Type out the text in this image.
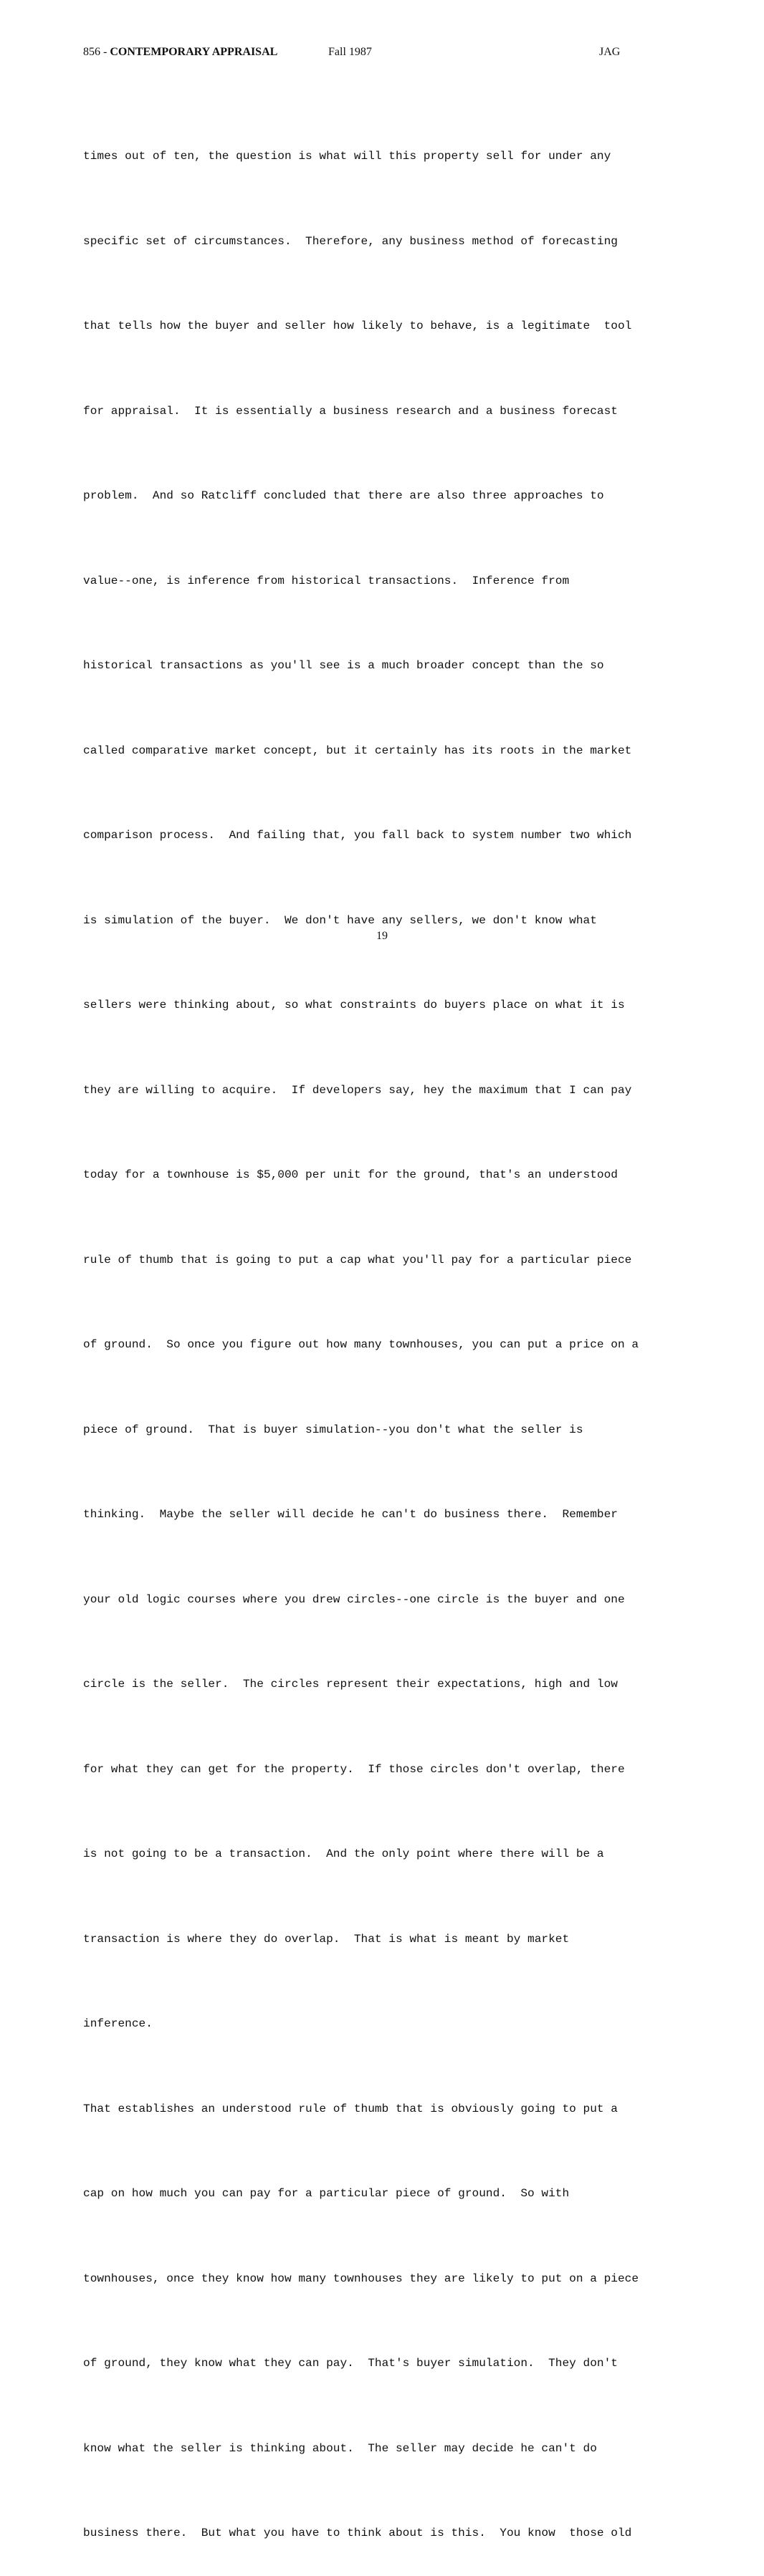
856 - CONTEMPORARY APPRAISAL	Fall 1987	JAG

times out of ten, the question is what will this property sell for under any

specific set of circumstances.  Therefore, any business method of forecasting

that tells how the buyer and seller how likely to behave, is a legitimate  tool

for appraisal.  It is essentially a business research and a business forecast

problem.  And so Ratcliff concluded that there are also three approaches to

value--one, is inference from historical transactions.  Inference from

historical transactions as you'll see is a much broader concept than the so

called comparative market concept, but it certainly has its roots in the market

comparison process.  And failing that, you fall back to system number two which

is simulation of the buyer.  We don't have any sellers, we don't know what

sellers were thinking about, so what constraints do buyers place on what it is

they are willing to acquire.  If developers say, hey the maximum that I can pay

today for a townhouse is $5,000 per unit for the ground, that's an understood

rule of thumb that is going to put a cap what you'll pay for a particular piece

of ground.  So once you figure out how many townhouses, you can put a price on a

piece of ground.  That is buyer simulation--you don't what the seller is

thinking.  Maybe the seller will decide he can't do business there.  Remember

your old logic courses where you drew circles--one circle is the buyer and one

circle is the seller.  The circles represent their expectations, high and low

for what they can get for the property.  If those circles don't overlap, there

is not going to be a transaction.  And the only point where there will be a

transaction is where they do overlap.  That is what is meant by market

inference.

That establishes an understood rule of thumb that is obviously going to put a

cap on how much you can pay for a particular piece of ground.  So with

townhouses, once they know how many townhouses they are likely to put on a piece

of ground, they know what they can pay.  That's buyer simulation.  They don't

know what the seller is thinking about.  The seller may decide he can't do

business there.  But what you have to think about is this.  You know  those old

19
